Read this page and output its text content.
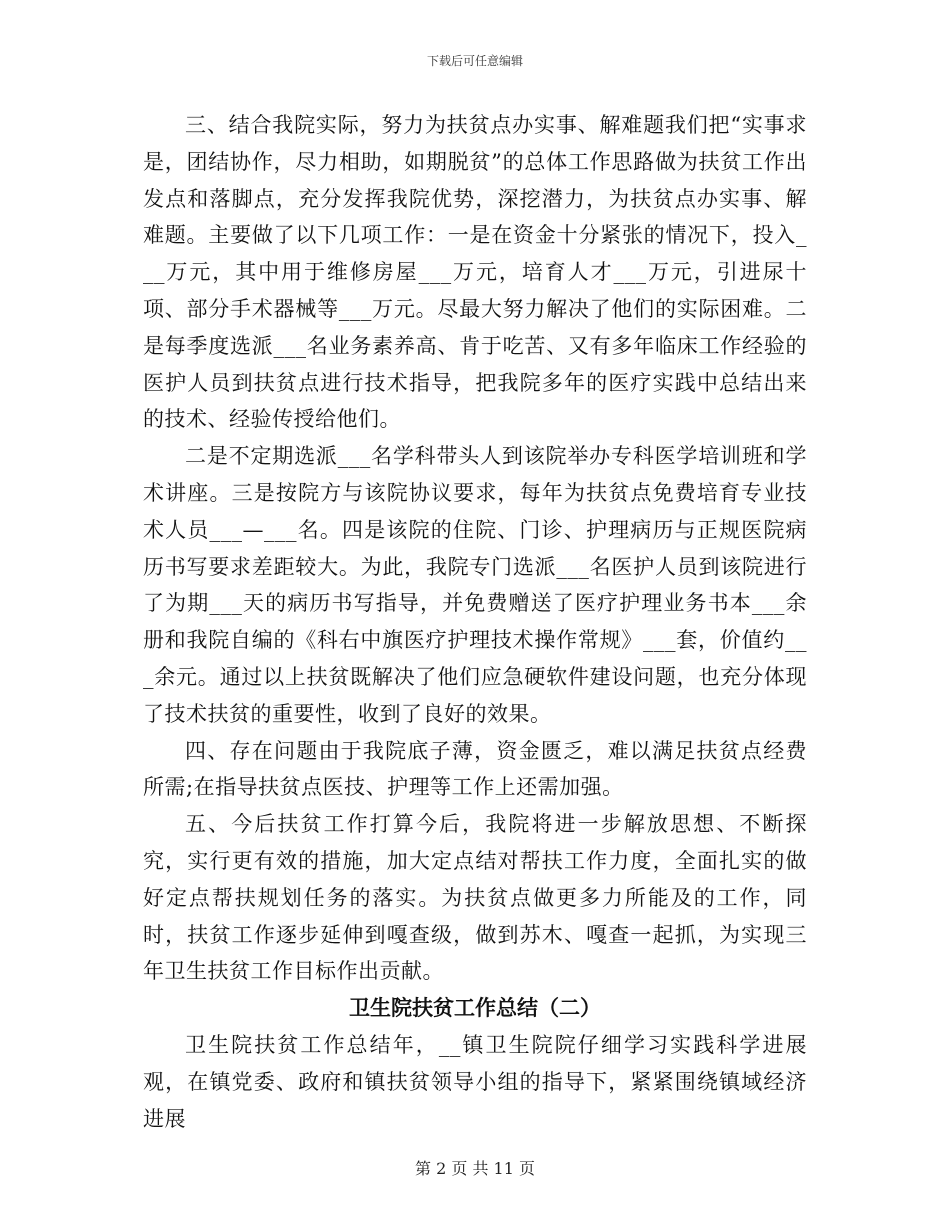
下载后可任意编辑

三、结合我院实际，努力为扶贫点办实事、解难题我们把“实事求是，团结协作，尽力相助，如期脱贫”的总体工作思路做为扶贫工作出发点和落脚点，充分发挥我院优势，深挖潜力，为扶贫点办实事、解难题。主要做了以下几项工作：一是在资金十分紧张的情况下，投入___万元，其中用于维修房屋___万元，培育人才___万元，引进尿十项、部分手术器械等___万元。尽最大努力解决了他们的实际困难。二是每季度选派___名业务素养高、肯于吃苦、又有多年临床工作经验的医护人员到扶贫点进行技术指导，把我院多年的医疗实践中总结出来的技术、经验传授给他们。

二是不定期选派___名学科带头人到该院举办专科医学培训班和学术讲座。三是按院方与该院协议要求，每年为扶贫点免费培育专业技术人员___—___名。四是该院的住院、门诊、护理病历与正规医院病历书写要求差距较大。为此，我院专门选派___名医护人员到该院进行了为期___天的病历书写指导，并免费赠送了医疗护理业务书本___余册和我院自编的《科右中旗医疗护理技术操作常规》___套，价值约___余元。通过以上扶贫既解决了他们应急硬软件建设问题，也充分体现了技术扶贫的重要性，收到了良好的效果。

四、存在问题由于我院底子薄，资金匮乏，难以满足扶贫点经费所需;在指导扶贫点医技、护理等工作上还需加强。

五、今后扶贫工作打算今后，我院将进一步解放思想、不断探究，实行更有效的措施，加大定点结对帮扶工作力度，全面扎实的做好定点帮扶规划任务的落实。为扶贫点做更多力所能及的工作，同时，扶贫工作逐步延伸到嘎查级，做到苏木、嘎查一起抓，为实现三年卫生扶贫工作目标作出贡献。

卫生院扶贫工作总结（二）

卫生院扶贫工作总结年，__镇卫生院院仔细学习实践科学进展观，在镇党委、政府和镇扶贫领导小组的指导下，紧紧围绕镇域经济进展

第 2 页 共 11 页
